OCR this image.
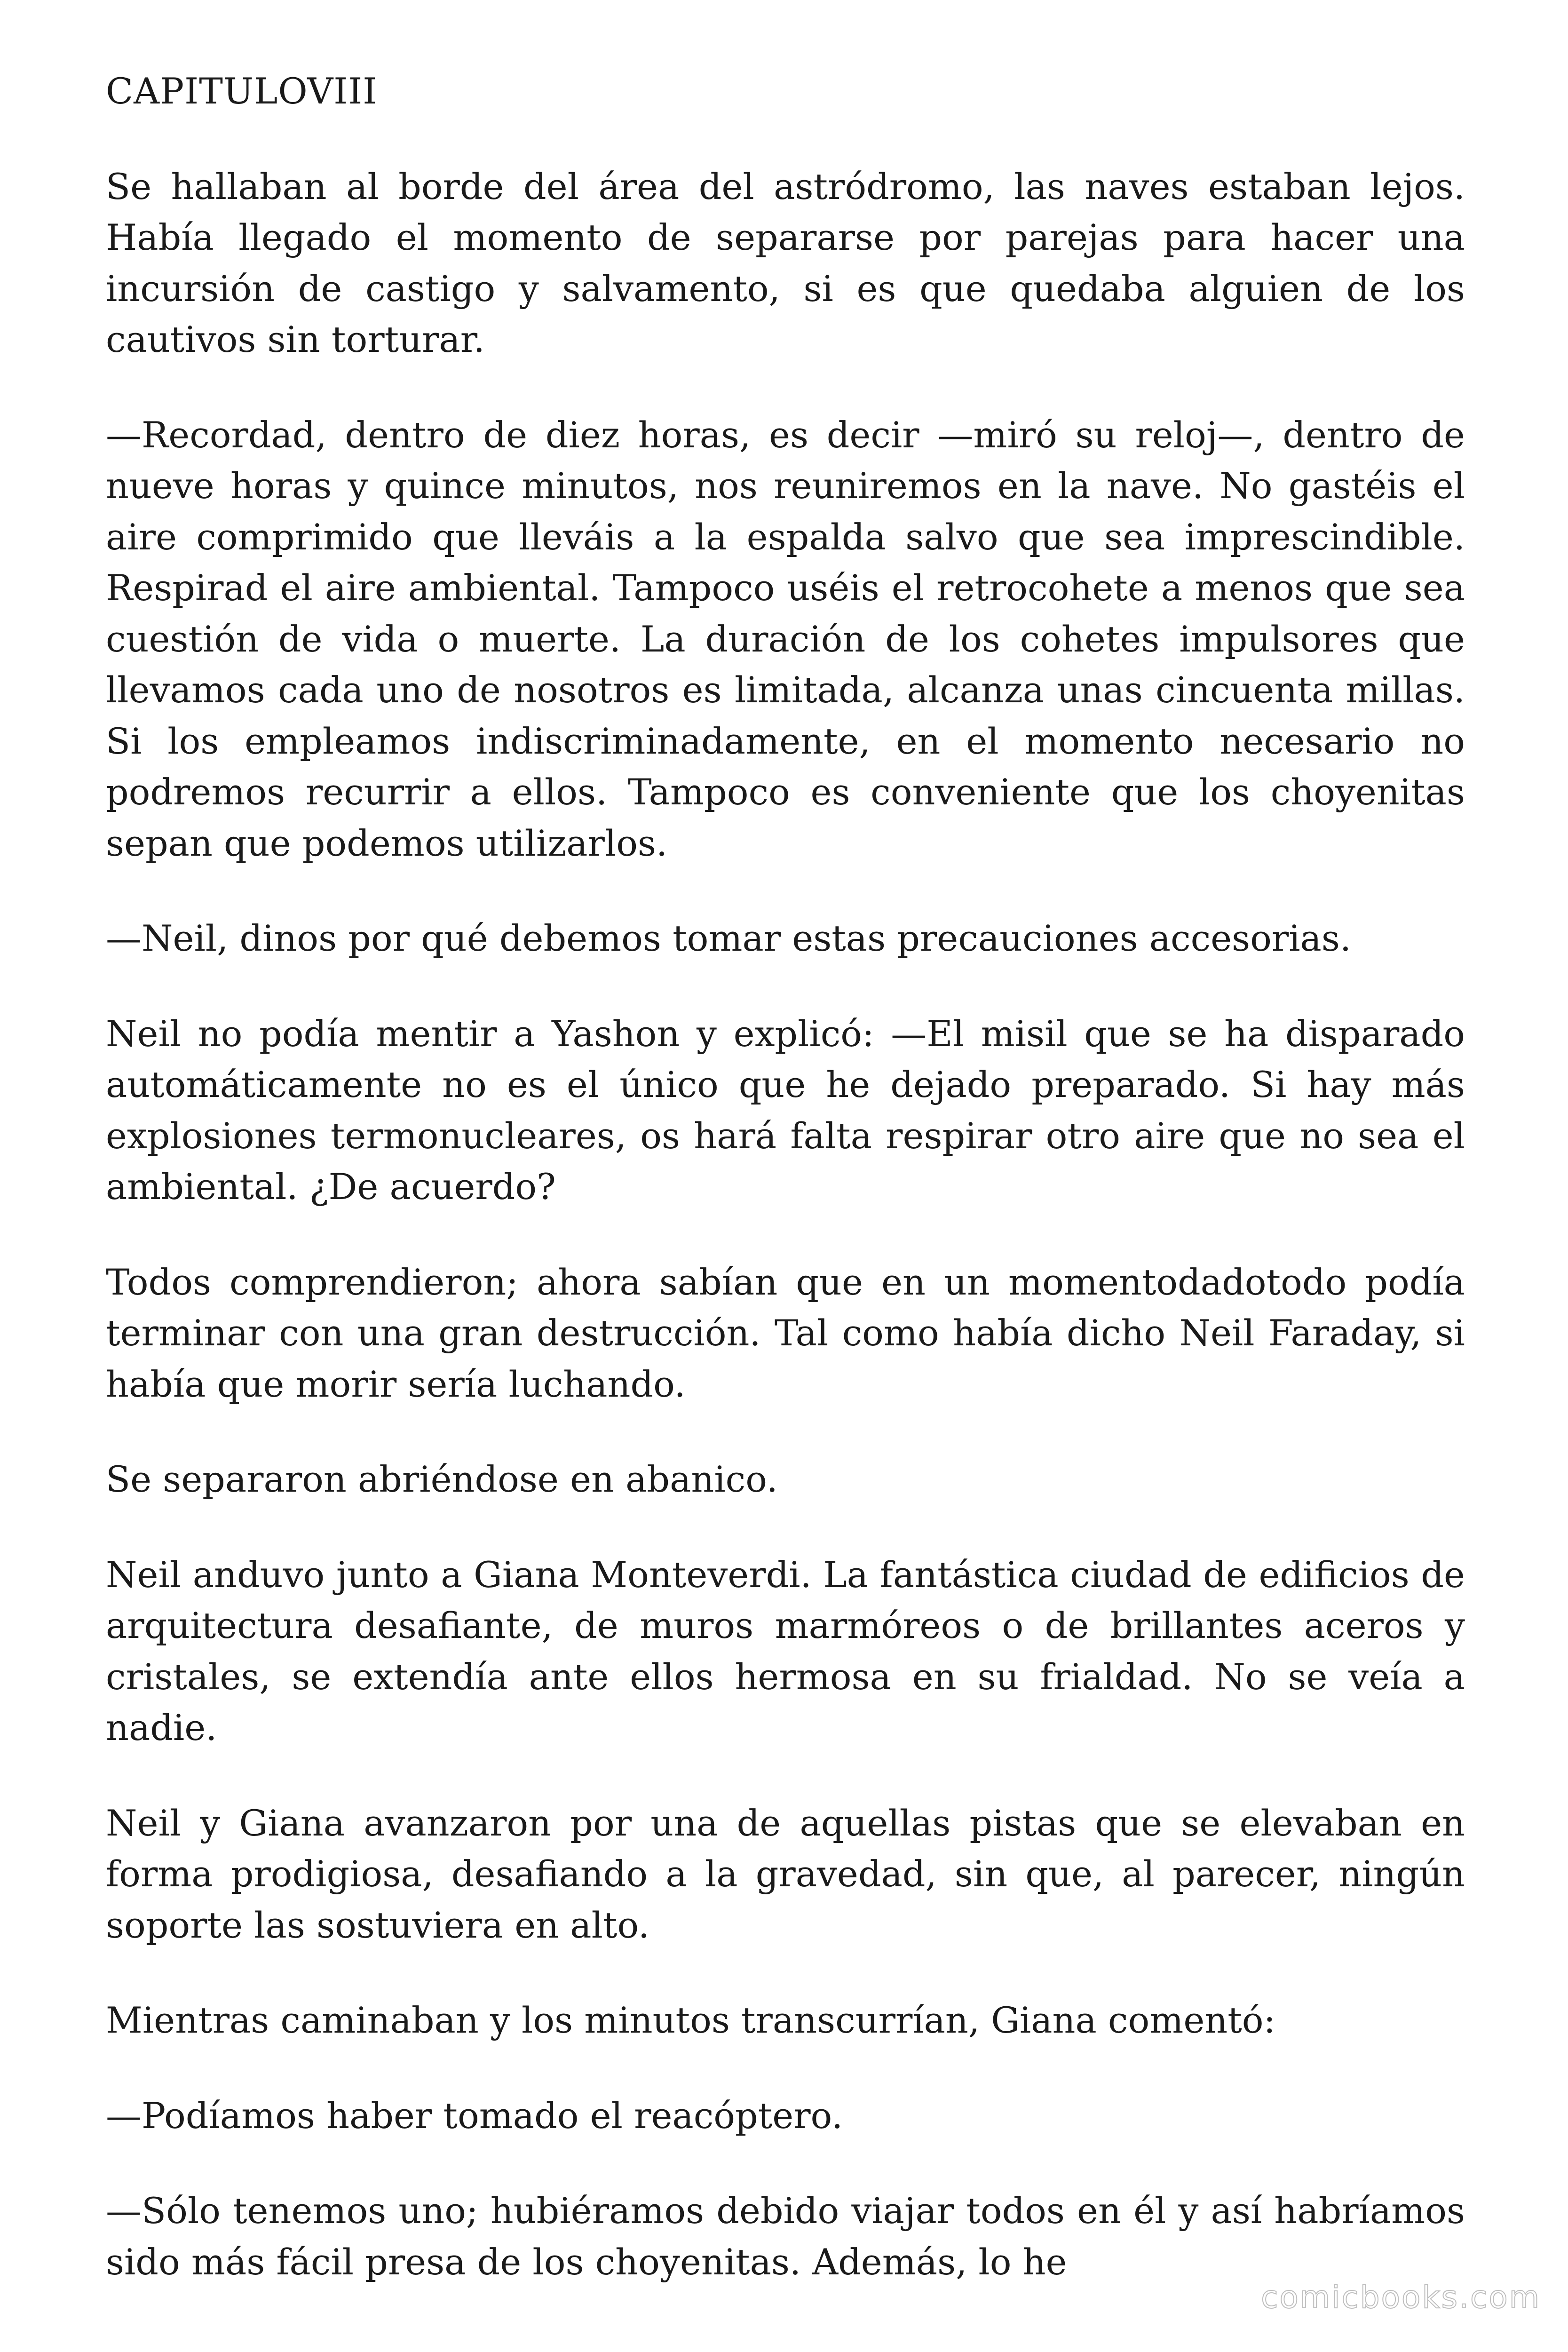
CAPITULOVIII

Se hallaban al borde del área del astródromo, las naves estaban lejos. Había llegado el momento de separarse por parejas para hacer una incursión de castigo y salvamento, si es que quedaba alguien de los cautivos sin torturar.

—Recordad, dentro de diez horas, es decir —miró su reloj—, dentro de nueve horas y quince minutos, nos reuniremos en la nave. No gastéis el aire comprimido que lleváis a la espalda salvo que sea imprescindible. Respirad el aire ambiental. Tampoco uséis el retrocohete a menos que sea cuestión de vida o muerte. La duración de los cohetes impulsores que llevamos cada uno de nosotros es limitada, alcanza unas cincuenta millas. Si los empleamos indiscriminadamente, en el momento necesario no podremos recurrir a ellos. Tampoco es conveniente que los choyenitas sepan que podemos utilizarlos.

—Neil, dinos por qué debemos tomar estas precauciones accesorias.

Neil no podía mentir a Yashon y explicó: —El misil que se ha disparado automáticamente no es el único que he dejado preparado. Si hay más explosiones termonucleares, os hará falta respirar otro aire que no sea el ambiental. ¿De acuerdo?

Todos comprendieron; ahora sabían que en un momentodadotodo podía terminar con una gran destrucción. Tal como había dicho Neil Faraday, si había que morir sería luchando.

Se separaron abriéndose en abanico.

Neil anduvo junto a Giana Monteverdi. La fantástica ciudad de edificios de arquitectura desafiante, de muros marmóreos o de brillantes aceros y cristales, se extendía ante ellos hermosa en su frialdad. No se veía a nadie.

Neil y Giana avanzaron por una de aquellas pistas que se elevaban en forma prodigiosa, desafiando a la gravedad, sin que, al parecer, ningún soporte las sostuviera en alto.

Mientras caminaban y los minutos transcurrían, Giana comentó:

—Podíamos haber tomado el reacóptero.

—Sólo tenemos uno; hubiéramos debido viajar todos en él y así habríamos sido más fácil presa de los choyenitas. Además, lo he

comicbooks.com
